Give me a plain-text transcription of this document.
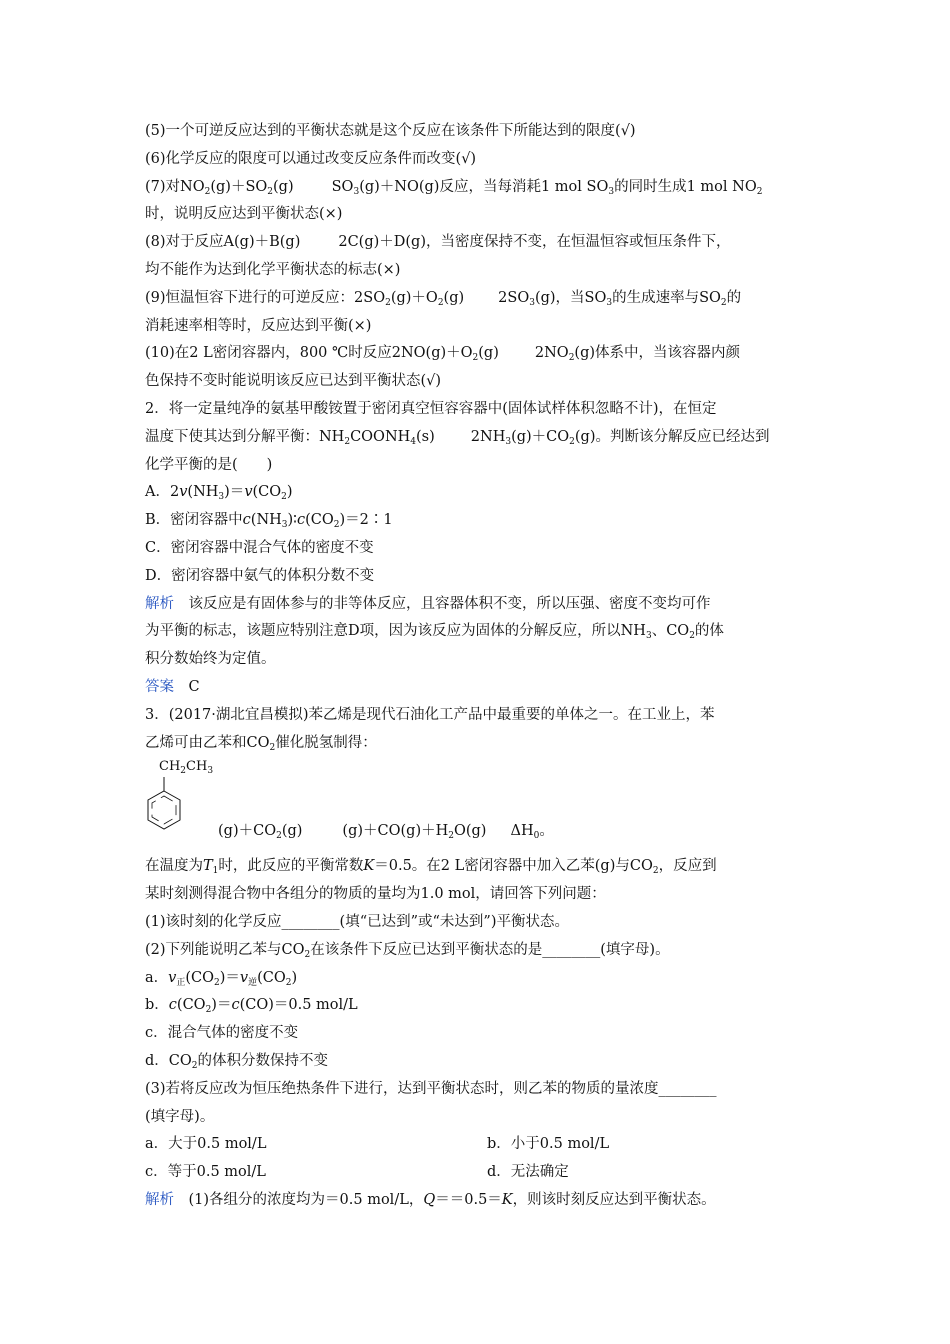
(5)一个可逆反应达到的平衡状态就是这个反应在该条件下所能达到的限度(√)
(6)化学反应的限度可以通过改变反应条件而改变(√)
(7)对$NO_2(g)+SO_2(g)$	$SO_3(g)+NO(g)$反应，当每消耗1 mol $SO_3$的同时生成1 mol $NO_2$
时，说明反应达到平衡状态(×)
(8)对于反应A(g)＋B(g)	2C(g)＋D(g)，当密度保持不变，在恒温恒容或恒压条件下，
均不能作为达到化学平衡状态的标志(×)
(9)恒温恒容下进行的可逆反应：$2SO_2(g)+O_2(g)$ $2SO_3(g)$，当$SO_3$的生成速率与$SO_2$的
消耗速率相等时，反应达到平衡(×)
(10)在2 L密闭容器内，800 ℃时反应$2NO(g)+O_2(g)$ $2NO_2(g)$体系中，当该容器内颜
色保持不变时能说明该反应已达到平衡状态(√)
2．将一定量纯净的氨基甲酸铵置于密闭真空恒容容器中(固体试样体积忽略不计)，在恒定
温度下使其达到分解平衡：$NH_2COONH_4(s)$ $2NH_3(g)+CO_2(g)$。判断该分解反应已经达到
化学平衡的是(　　)
A．$2v(NH_3)=v(CO_2)$
B．密闭容器中$c(NH_3)∶c(CO_2)=2∶1$
C．密闭容器中混合气体的密度不变
D．密闭容器中氨气的体积分数不变
解析　该反应是有固体参与的非等体反应，且容器体积不变，所以压强、密度不变均可作
为平衡的标志，该题应特别注意D项，因为该反应为固体的分解反应，所以$NH_3$、$CO_2$的体
积分数始终为定值。
答案　C
3．(2017·湖北宜昌模拟)苯乙烯是现代石油化工产品中最重要的单体之一。在工业上，苯
乙烯可由乙苯和$CO_2$催化脱氢制得：
$CH_2CH_3$
$(g)+CO_2(g)$	$(g)+CO(g)+H_2O(g)$ $\Delta H_0$。
在温度为$T_1$时，此反应的平衡常数K＝0.5。在2 L密闭容器中加入乙苯(g)与$CO_2$，反应到
某时刻测得混合物中各组分的物质的量均为1.0 mol，请回答下列问题：
(1)该时刻的化学反应________(填“已达到”或“未达到”)平衡状态。
(2)下列能说明乙苯与$CO_2$在该条件下反应已达到平衡状态的是________(填字母)。
a．$v_正(CO_2)=v_逆(CO_2)$
b．$c(CO_2)=c(CO)=0.5$ mol/L
c．混合气体的密度不变
d．$CO_2$的体积分数保持不变
(3)若将反应改为恒压绝热条件下进行，达到平衡状态时，则乙苯的物质的量浓度________
(填字母)。
a．大于0.5 mol/L	b．小于0.5 mol/L
c．等于0.5 mol/L	d．无法确定
解析　(1)各组分的浓度均为＝0.5 mol/L，Q＝＝0.5＝K，则该时刻反应达到平衡状态。
